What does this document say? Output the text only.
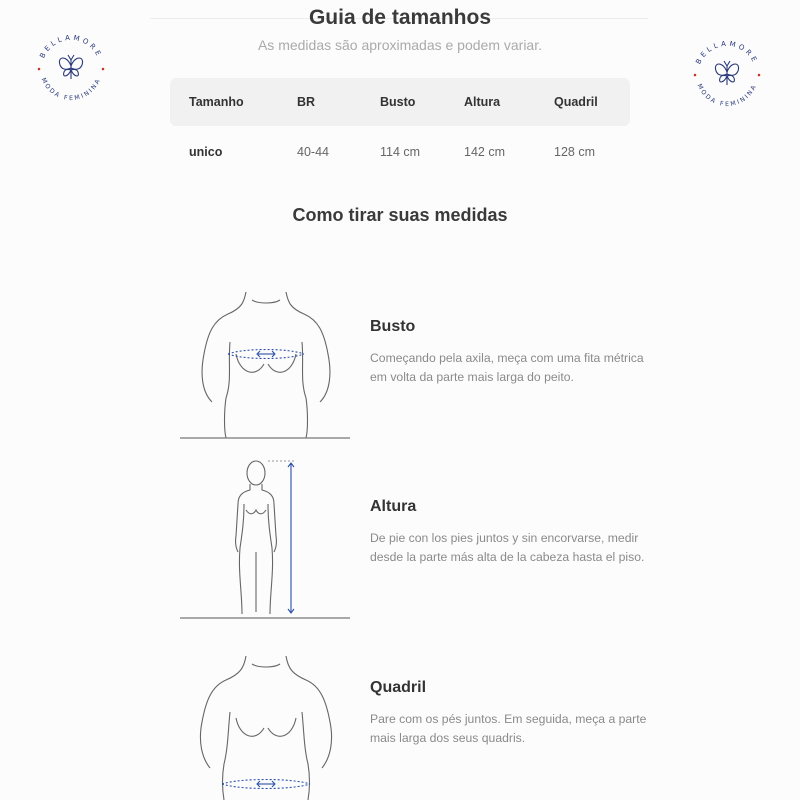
Guia de tamanhos
As medidas são aproximadas e podem variar.
BELLAMORE
MODA FEMININA
BELLAMORE
MODA FEMININA
Tamanho	BR	Busto	Altura	Quadril
unico	40-44	114 cm	142 cm	128 cm
Como tirar suas medidas
Busto
Começando pela axila, meça com uma fita métrica em volta da parte mais larga do peito.
Altura
De pie con los pies juntos y sin encorvarse, medir desde la parte más alta de la cabeza hasta el piso.
Quadril
Pare com os pés juntos. Em seguida, meça a parte mais larga dos seus quadris.
